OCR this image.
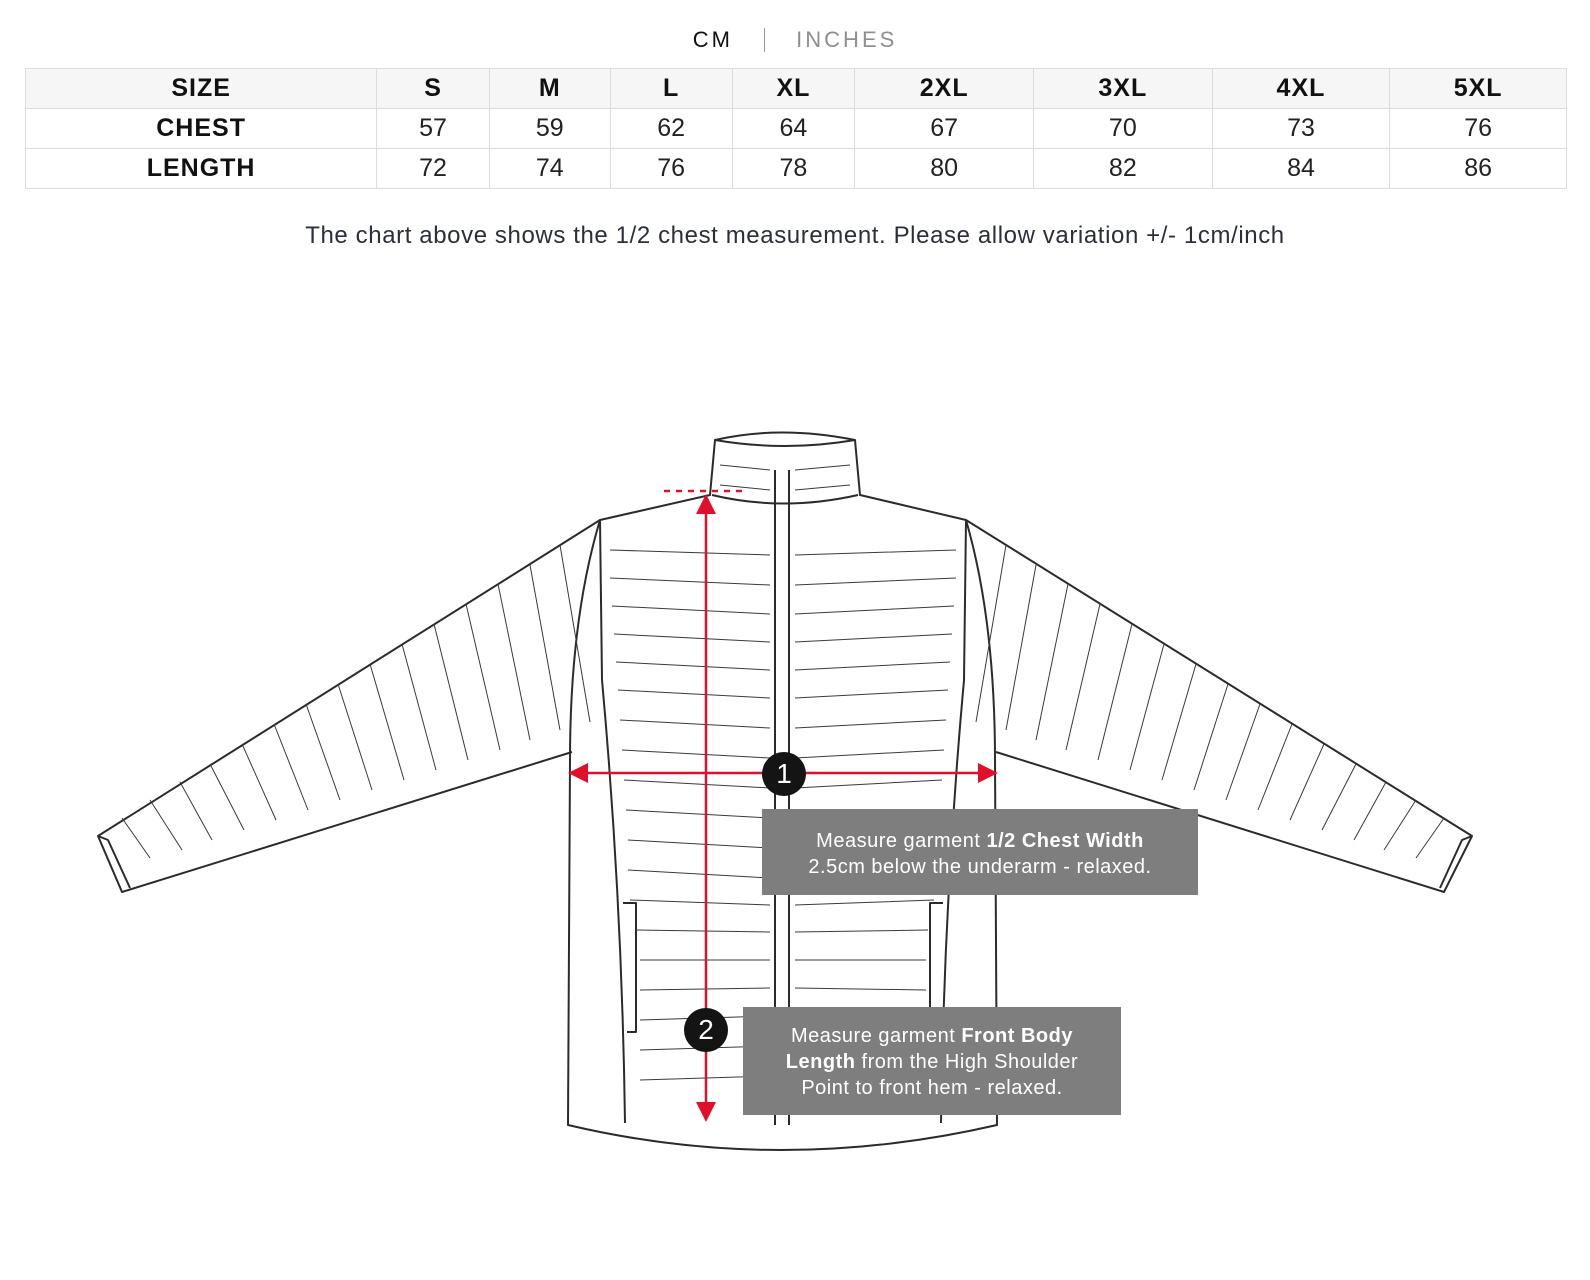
CM	INCHES
SIZE	S	M	L	XL	2XL	3XL	4XL	5XL
CHEST	57	59	62	64	67	70	73	76
LENGTH	72	74	76	78	80	82	84	86
The chart above shows the 1/2 chest measurement. Please allow variation +/- 1cm/inch
1
2
Measure garment 1/2 Chest Width
2.5cm below the underarm - relaxed.
Measure garment Front Body
Length from the High Shoulder
Point to front hem - relaxed.
